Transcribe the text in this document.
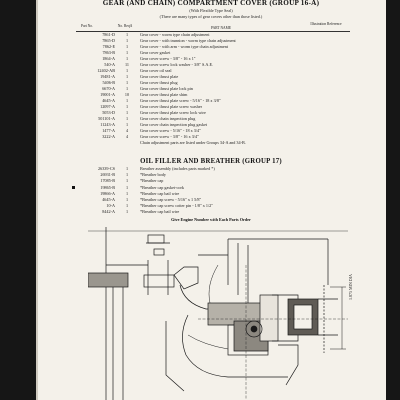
GEAR (AND CHAIN) COMPARTMENT COVER (GROUP 16-A)
(With Flexible Type Seal)
(There are many types of gear covers other than those listed.)
Part No.	No. Req'd	PART NAME
Illustration Reference
7861-D	1	Gear cover - worm type chain adjustment
7865-D	1	Gear cover - with trunnion - worm type chain adjustment
7862-E	1	Gear cover - with arm - worm type chain adjustment
7863-B	1	Gear cover gasket
1864-A	1	Gear cover screw - 3/8" - 16 x 1"
540-A	11	Gear cover screw lock washer - 3/8" S.A.E.
12402-AB	1	Gear cover oil seal
19481-A	1	Gear cover thrust plate
5406-B	1	Gear cover thrust plug
6670-A	1	Gear cover thrust plate lock pin
19001-A	10	Gear cover thrust plate shim
4645-A	1	Gear cover thrust plate screw - 5/16" - 18 x 3/8"
12097-A	1	Gear cover thrust plate screw washer
5053-D	1	Gear cover thrust plate screw lock wire
501101-A	1	Gear cover chain inspection plug
11243-A	1	Gear cover chain inspection plug gasket
1477-A	4	Gear cover screw - 5/16" - 18 x 3/4"
3222-A	4	Gear cover screw - 3/8" - 16 x 3/4"
Chain adjustment parts are listed under Groups 34-A and 34-B.
OIL FILLER AND BREATHER (GROUP 17)
26339-CS	1	Breather assembly (includes parts marked *)
26931-B	1	*Breather body
17085-B	1	*Breather cap
19865-B	1	*Breather cap gasket-cork
19866-A	1	*Breather cap bail wire
4645-A	1	*Breather cap screw - 5/16" x 1 5/8"
10-A	1	*Breather cap screw cotter pin - 1/8" x 1/2"
8442-A	1	*Breather cap bail wire
Give Engine Number with Each Parts Order
1.875 MIN DIA
